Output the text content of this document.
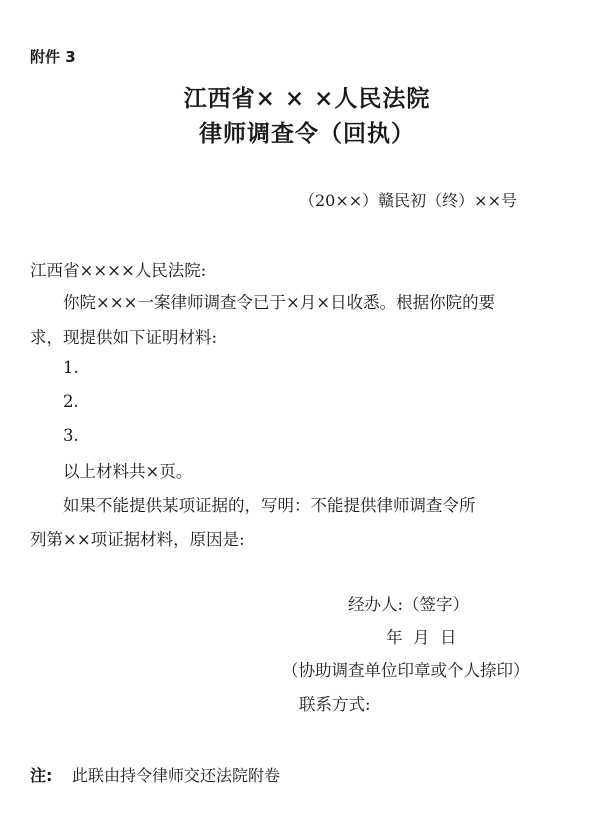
附件 3
江西省× × ×人民法院
律师调查令（回执）
（20××）赣民初（终）××号
江西省××××人民法院:
你院×××一案律师调查令已于×月×日收悉。根据你院的要
求，现提供如下证明材料:
1.
2.
3.
以上材料共×页。
如果不能提供某项证据的，写明：不能提供律师调查令所
列第××项证据材料，原因是:
经办人:（签字）
年  月  日
（协助调查单位印章或个人捺印）
联系方式:
注: 此联由持令律师交还法院附卷
